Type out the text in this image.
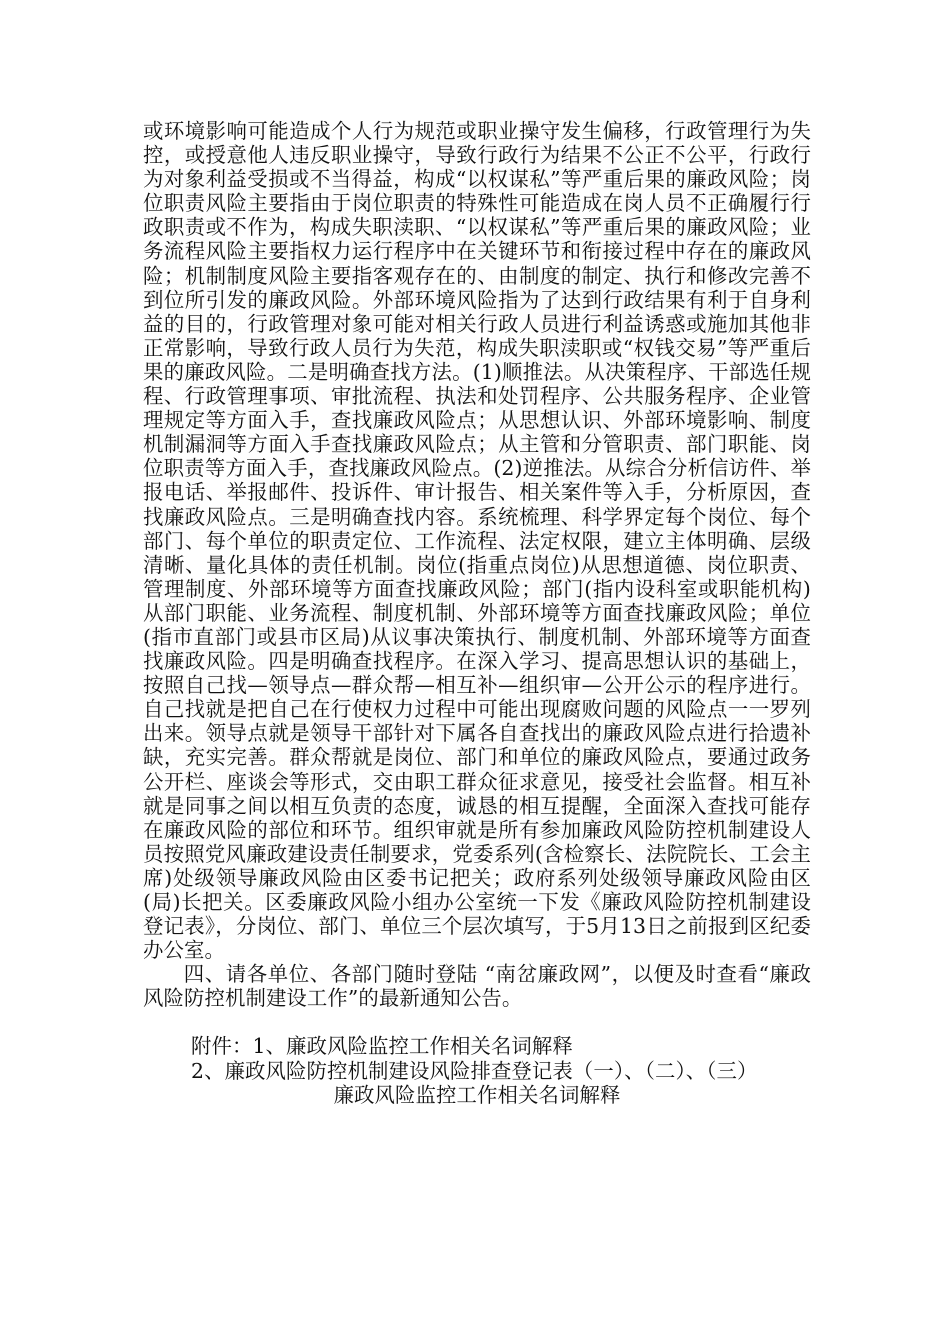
或环境影响可能造成个人行为规范或职业操守发生偏移，行政管理行为失控，或授意他人违反职业操守，导致行政行为结果不公正不公平，行政行为对象利益受损或不当得益，构成“以权谋私”等严重后果的廉政风险；岗位职责风险主要指由于岗位职责的特殊性可能造成在岗人员不正确履行行政职责或不作为，构成失职渎职、“以权谋私”等严重后果的廉政风险；业务流程风险主要指权力运行程序中在关键环节和衔接过程中存在的廉政风险；机制制度风险主要指客观存在的、由制度的制定、执行和修改完善不到位所引发的廉政风险。外部环境风险指为了达到行政结果有利于自身利益的目的，行政管理对象可能对相关行政人员进行利益诱惑或施加其他非正常影响，导致行政人员行为失范，构成失职渎职或“权钱交易”等严重后果的廉政风险。二是明确查找方法。(1)顺推法。从决策程序、干部选任规程、行政管理事项、审批流程、执法和处罚程序、公共服务程序、企业管理规定等方面入手，查找廉政风险点；从思想认识、外部环境影响、制度机制漏洞等方面入手查找廉政风险点；从主管和分管职责、部门职能、岗位职责等方面入手，查找廉政风险点。(2)逆推法。从综合分析信访件、举报电话、举报邮件、投诉件、审计报告、相关案件等入手，分析原因，查找廉政风险点。三是明确查找内容。系统梳理、科学界定每个岗位、每个部门、每个单位的职责定位、工作流程、法定权限，建立主体明确、层级清晰、量化具体的责任机制。岗位(指重点岗位)从思想道德、岗位职责、管理制度、外部环境等方面查找廉政风险；部门(指内设科室或职能机构)从部门职能、业务流程、制度机制、外部环境等方面查找廉政风险；单位(指市直部门或县市区局)从议事决策执行、制度机制、外部环境等方面查找廉政风险。四是明确查找程序。在深入学习、提高思想认识的基础上，按照自己找—领导点—群众帮—相互补—组织审—公开公示的程序进行。自己找就是把自己在行使权力过程中可能出现腐败问题的风险点一一罗列出来。领导点就是领导干部针对下属各自查找出的廉政风险点进行拾遗补缺，充实完善。群众帮就是岗位、部门和单位的廉政风险点，要通过政务公开栏、座谈会等形式，交由职工群众征求意见，接受社会监督。相互补就是同事之间以相互负责的态度，诚恳的相互提醒，全面深入查找可能存在廉政风险的部位和环节。组织审就是所有参加廉政风险防控机制建设人员按照党风廉政建设责任制要求，党委系列(含检察长、法院院长、工会主席)处级领导廉政风险由区委书记把关；政府系列处级领导廉政风险由区(局)长把关。区委廉政风险小组办公室统一下发《廉政风险防控机制建设登记表》，分岗位、部门、单位三个层次填写，于5月13日之前报到区纪委办公室。

四、请各单位、各部门随时登陆 “南岔廉政网”，以便及时查看“廉政风险防控机制建设工作”的最新通知公告。

附件：1、廉政风险监控工作相关名词解释

2、廉政风险防控机制建设风险排查登记表（一）、（二）、（三）

廉政风险监控工作相关名词解释
